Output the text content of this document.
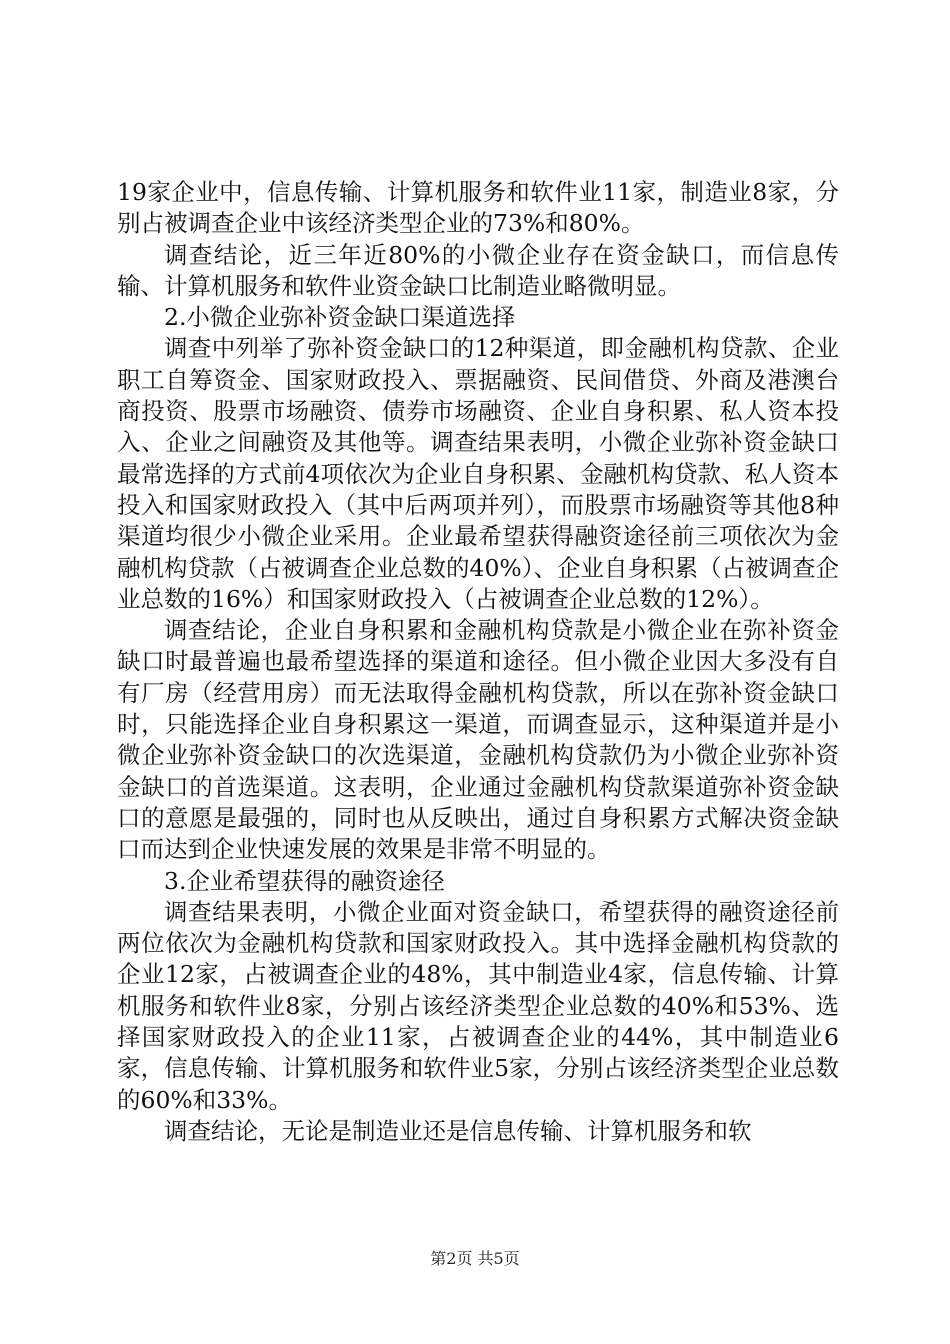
19家企业中，信息传输、计算机服务和软件业11家，制造业8家，分别占被调查企业中该经济类型企业的73%和80%。

调查结论，近三年近80%的小微企业存在资金缺口，而信息传输、计算机服务和软件业资金缺口比制造业略微明显。

2.小微企业弥补资金缺口渠道选择

调查中列举了弥补资金缺口的12种渠道，即金融机构贷款、企业职工自筹资金、国家财政投入、票据融资、民间借贷、外商及港澳台商投资、股票市场融资、债券市场融资、企业自身积累、私人资本投入、企业之间融资及其他等。调查结果表明，小微企业弥补资金缺口最常选择的方式前4项依次为企业自身积累、金融机构贷款、私人资本投入和国家财政投入（其中后两项并列），而股票市场融资等其他8种渠道均很少小微企业采用。企业最希望获得融资途径前三项依次为金融机构贷款（占被调查企业总数的40%）、企业自身积累（占被调查企业总数的16%）和国家财政投入（占被调查企业总数的12%）。

调查结论，企业自身积累和金融机构贷款是小微企业在弥补资金缺口时最普遍也最希望选择的渠道和途径。但小微企业因大多没有自有厂房（经营用房）而无法取得金融机构贷款，所以在弥补资金缺口时，只能选择企业自身积累这一渠道，而调查显示，这种渠道并是小微企业弥补资金缺口的次选渠道，金融机构贷款仍为小微企业弥补资金缺口的首选渠道。这表明，企业通过金融机构贷款渠道弥补资金缺口的意愿是最强的，同时也从反映出，通过自身积累方式解决资金缺口而达到企业快速发展的效果是非常不明显的。

3.企业希望获得的融资途径

调查结果表明，小微企业面对资金缺口，希望获得的融资途径前两位依次为金融机构贷款和国家财政投入。其中选择金融机构贷款的企业12家，占被调查企业的48%，其中制造业4家，信息传输、计算机服务和软件业8家，分别占该经济类型企业总数的40%和53%、选择国家财政投入的企业11家，占被调查企业的44%，其中制造业6家，信息传输、计算机服务和软件业5家，分别占该经济类型企业总数的60%和33%。

调查结论，无论是制造业还是信息传输、计算机服务和软

第2页 共5页
